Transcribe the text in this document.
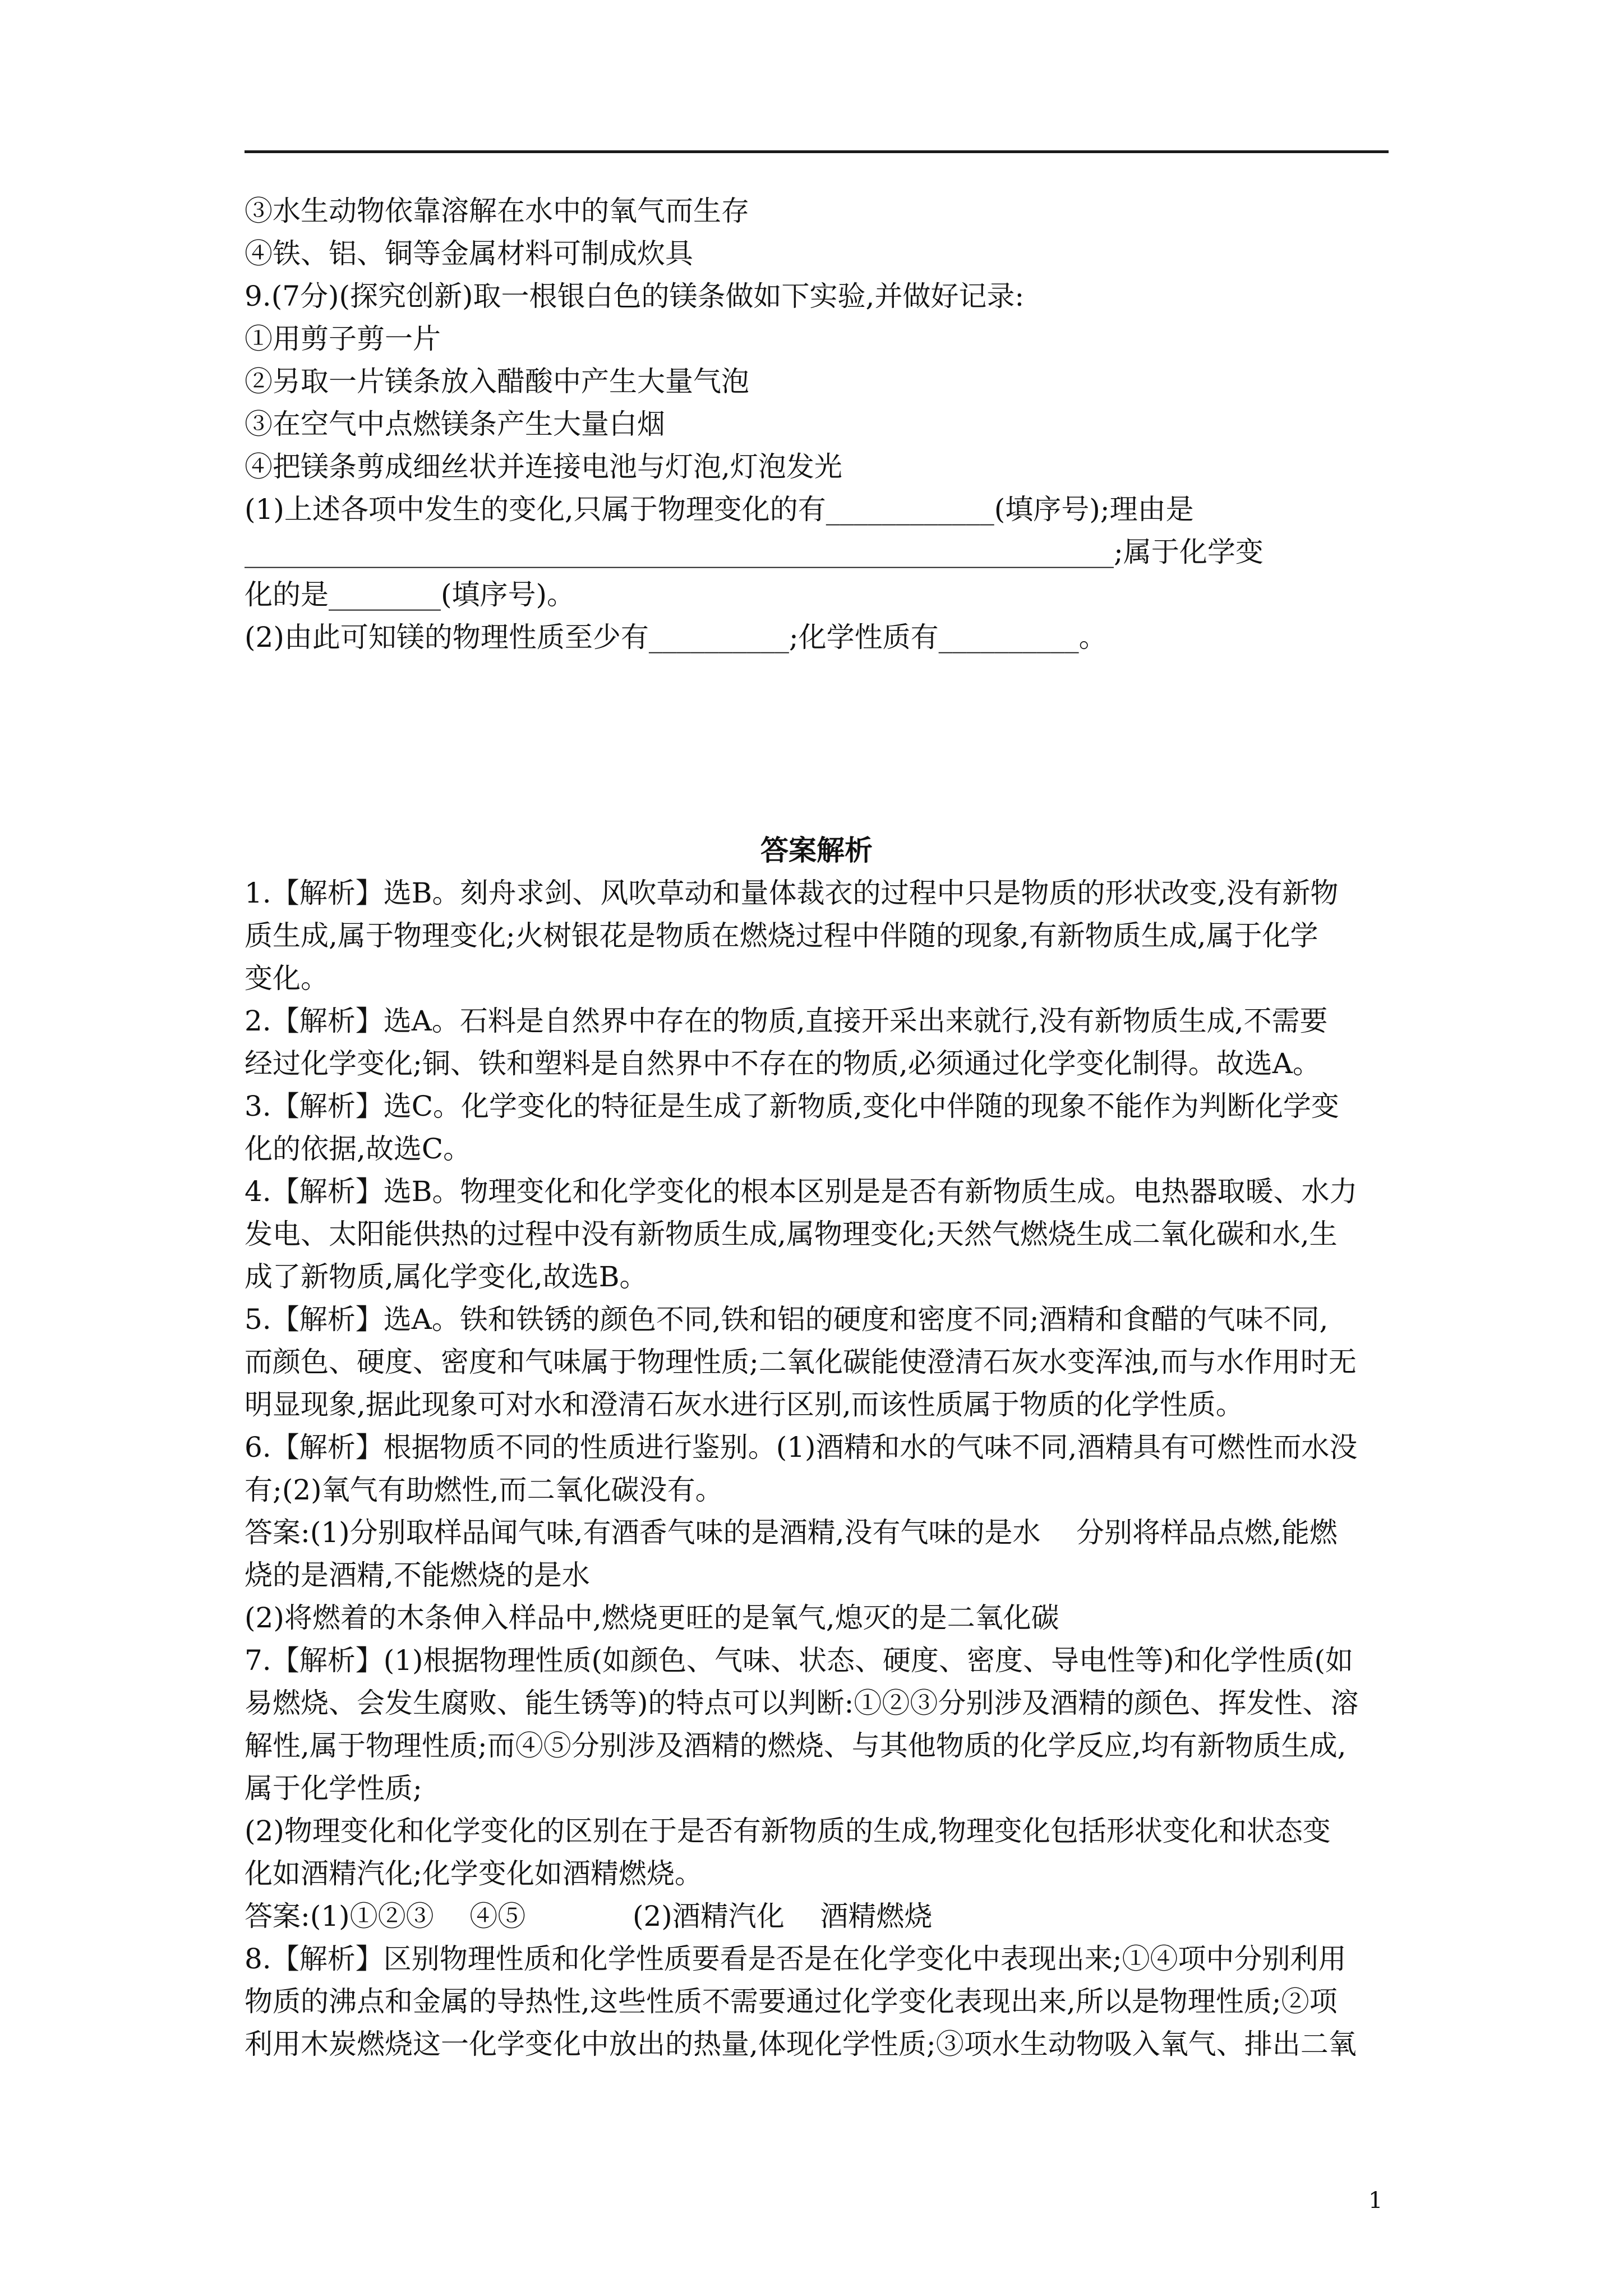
③水生动物依靠溶解在水中的氧气而生存
④铁、铝、铜等金属材料可制成炊具
9.(7分)(探究创新)取一根银白色的镁条做如下实验,并做好记录:
①用剪子剪一片
②另取一片镁条放入醋酸中产生大量气泡
③在空气中点燃镁条产生大量白烟
④把镁条剪成细丝状并连接电池与灯泡,灯泡发光
(1)上述各项中发生的变化,只属于物理变化的有____________(填序号);理由是
______________________________________________________________;属于化学变
化的是________(填序号)。
(2)由此可知镁的物理性质至少有__________;化学性质有__________。
答案解析
1.【解析】选B。刻舟求剑、风吹草动和量体裁衣的过程中只是物质的形状改变,没有新物
质生成,属于物理变化;火树银花是物质在燃烧过程中伴随的现象,有新物质生成,属于化学
变化。
2.【解析】选A。石料是自然界中存在的物质,直接开采出来就行,没有新物质生成,不需要
经过化学变化;铜、铁和塑料是自然界中不存在的物质,必须通过化学变化制得。故选A。
3.【解析】选C。化学变化的特征是生成了新物质,变化中伴随的现象不能作为判断化学变
化的依据,故选C。
4.【解析】选B。物理变化和化学变化的根本区别是是否有新物质生成。电热器取暖、水力
发电、太阳能供热的过程中没有新物质生成,属物理变化;天然气燃烧生成二氧化碳和水,生
成了新物质,属化学变化,故选B。
5.【解析】选A。铁和铁锈的颜色不同,铁和铝的硬度和密度不同;酒精和食醋的气味不同,
而颜色、硬度、密度和气味属于物理性质;二氧化碳能使澄清石灰水变浑浊,而与水作用时无
明显现象,据此现象可对水和澄清石灰水进行区别,而该性质属于物质的化学性质。
6.【解析】根据物质不同的性质进行鉴别。(1)酒精和水的气味不同,酒精具有可燃性而水没
有;(2)氧气有助燃性,而二氧化碳没有。
答案:(1)分别取样品闻气味,有酒香气味的是酒精,没有气味的是水    分别将样品点燃,能燃
烧的是酒精,不能燃烧的是水
(2)将燃着的木条伸入样品中,燃烧更旺的是氧气,熄灭的是二氧化碳
7.【解析】(1)根据物理性质(如颜色、气味、状态、硬度、密度、导电性等)和化学性质(如
易燃烧、会发生腐败、能生锈等)的特点可以判断:①②③分别涉及酒精的颜色、挥发性、溶
解性,属于物理性质;而④⑤分别涉及酒精的燃烧、与其他物质的化学反应,均有新物质生成,
属于化学性质;
(2)物理变化和化学变化的区别在于是否有新物质的生成,物理变化包括形状变化和状态变
化如酒精汽化;化学变化如酒精燃烧。
答案:(1)①②③    ④⑤            (2)酒精汽化    酒精燃烧
8.【解析】区别物理性质和化学性质要看是否是在化学变化中表现出来;①④项中分别利用
物质的沸点和金属的导热性,这些性质不需要通过化学变化表现出来,所以是物理性质;②项
利用木炭燃烧这一化学变化中放出的热量,体现化学性质;③项水生动物吸入氧气、排出二氧
1
